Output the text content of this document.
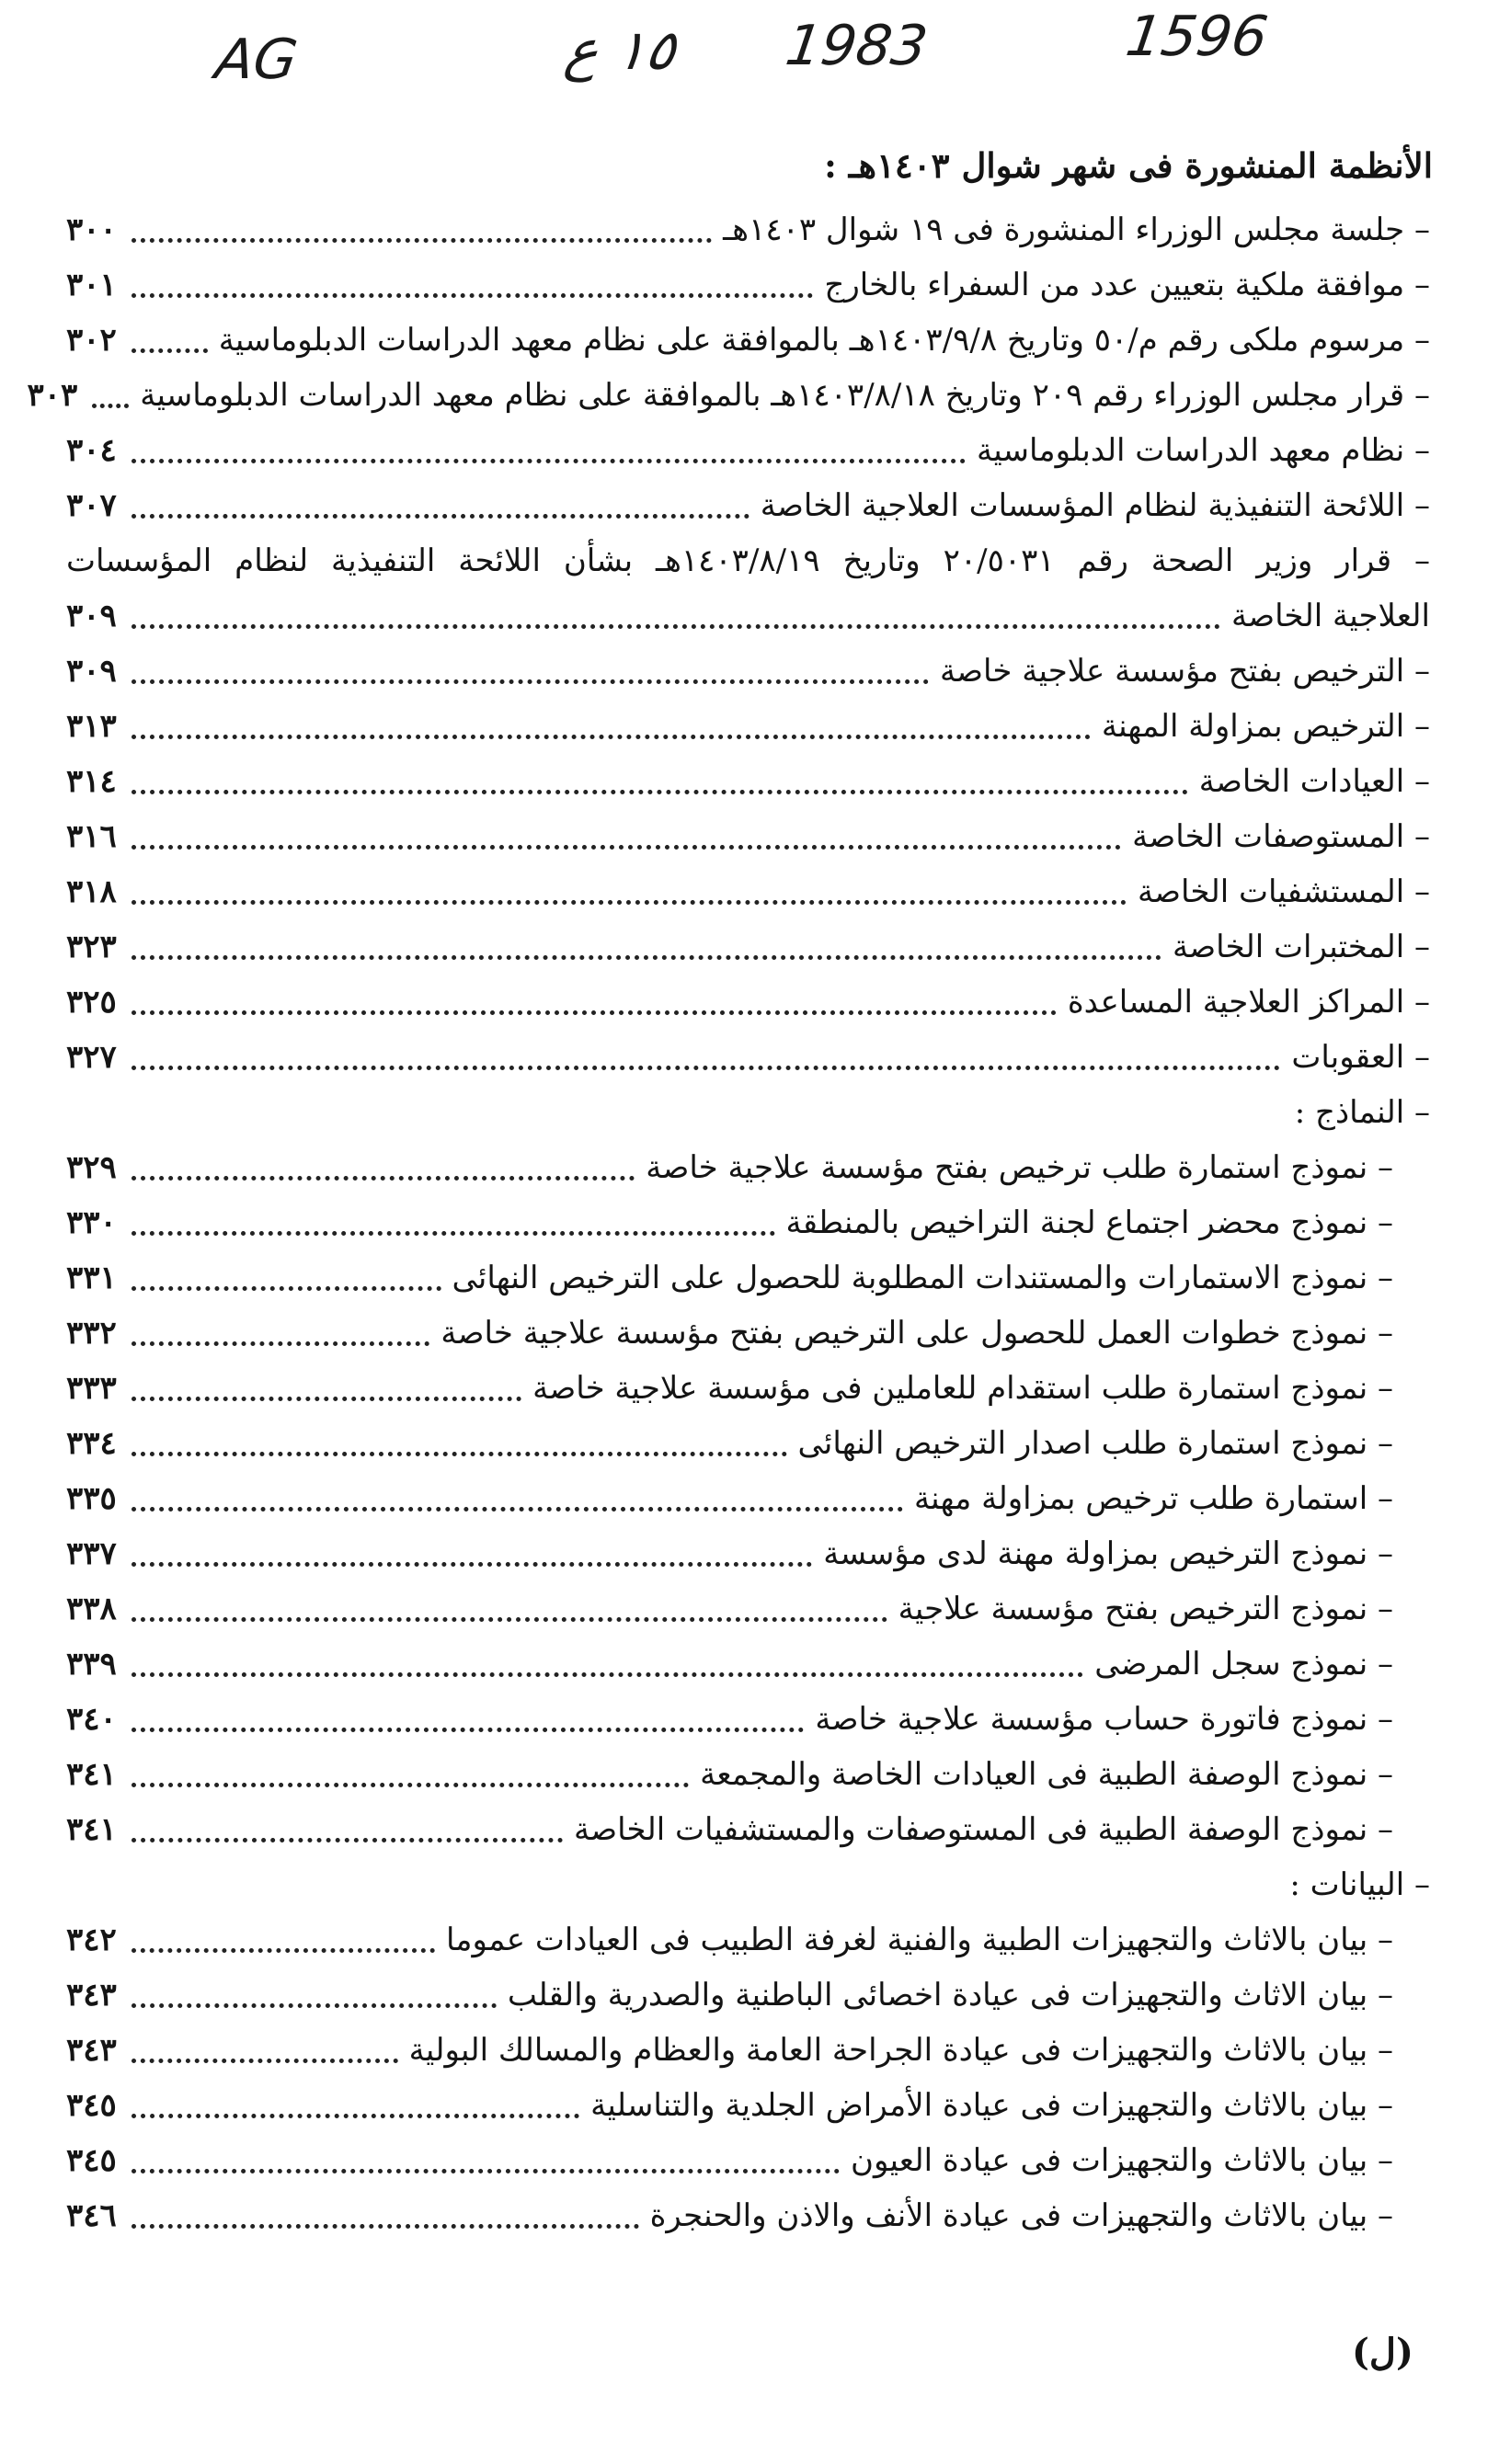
AG	١٥ ع 1983	1596
الأنظمة المنشورة فى شهر شوال ١٤٠٣هـ :
– جلسة مجلس الوزراء المنشورة فى ١٩ شوال ١٤٠٣هـ
٣٠٠
– موافقة ملكية بتعيين عدد من السفراء بالخارج
٣٠١
– مرسوم ملكى رقم م/٥٠ وتاريخ ١٤٠٣/٩/٨هـ بالموافقة على نظام معهد الدراسات الدبلوماسية
٣٠٢
– قرار مجلس الوزراء رقم ٢٠٩ وتاريخ ١٤٠٣/٨/١٨هـ بالموافقة على نظام معهد الدراسات الدبلوماسية
٣٠٣
– نظام معهد الدراسات الدبلوماسية
٣٠٤
– اللائحة التنفيذية لنظام المؤسسات العلاجية الخاصة
٣٠٧
– قرار وزير الصحة رقم ٢٠/٥٠٣١ وتاريخ ١٤٠٣/٨/١٩هـ بشأن اللائحة التنفيذية لنظام المؤسسات
العلاجية الخاصة
٣٠٩
– الترخيص بفتح مؤسسة علاجية خاصة
٣٠٩
– الترخيص بمزاولة المهنة
٣١٣
– العيادات الخاصة
٣١٤
– المستوصفات الخاصة
٣١٦
– المستشفيات الخاصة
٣١٨
– المختبرات الخاصة
٣٢٣
– المراكز العلاجية المساعدة
٣٢٥
– العقوبات
٣٢٧
– النماذج :
– نموذج استمارة طلب ترخيص بفتح مؤسسة علاجية خاصة
٣٢٩
– نموذج محضر اجتماع لجنة التراخيص بالمنطقة
٣٣٠
– نموذج الاستمارات والمستندات المطلوبة للحصول على الترخيص النهائى
٣٣١
– نموذج خطوات العمل للحصول على الترخيص بفتح مؤسسة علاجية خاصة
٣٣٢
– نموذج استمارة طلب استقدام للعاملين فى مؤسسة علاجية خاصة
٣٣٣
– نموذج استمارة طلب اصدار الترخيص النهائى
٣٣٤
– استمارة طلب ترخيص بمزاولة مهنة
٣٣٥
– نموذج الترخيص بمزاولة مهنة لدى مؤسسة
٣٣٧
– نموذج الترخيص بفتح مؤسسة علاجية
٣٣٨
– نموذج سجل المرضى
٣٣٩
– نموذج فاتورة حساب مؤسسة علاجية خاصة
٣٤٠
– نموذج الوصفة الطبية فى العيادات الخاصة والمجمعة
٣٤١
– نموذج الوصفة الطبية فى المستوصفات والمستشفيات الخاصة
٣٤١
– البيانات :
– بيان بالاثاث والتجهيزات الطبية والفنية لغرفة الطبيب فى العيادات عموما
٣٤٢
– بيان الاثاث والتجهيزات فى عيادة اخصائى الباطنية والصدرية والقلب
٣٤٣
– بيان بالاثاث والتجهيزات فى عيادة الجراحة العامة والعظام والمسالك البولية
٣٤٣
– بيان بالاثاث والتجهيزات فى عيادة الأمراض الجلدية والتناسلية
٣٤٥
– بيان بالاثاث والتجهيزات فى عيادة العيون
٣٤٥
– بيان بالاثاث والتجهيزات فى عيادة الأنف والاذن والحنجرة
٣٤٦
(ل)
